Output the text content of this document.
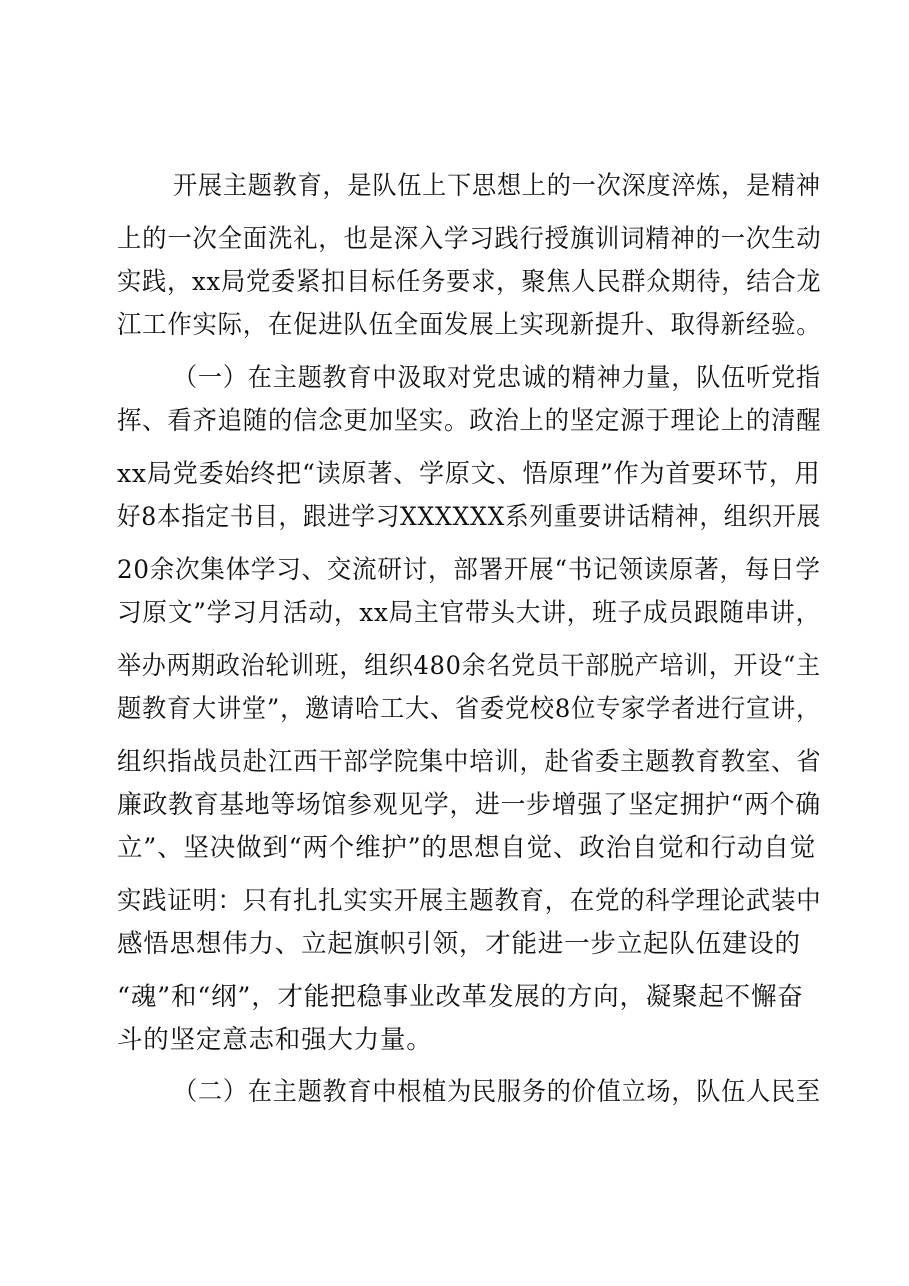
开展主题教育，是队伍上下思想上的一次深度淬炼，是精神
上的一次全面洗礼，也是深入学习践行授旗训词精神的一次生动
实践，xx局党委紧扣目标任务要求，聚焦人民群众期待，结合龙
江工作实际，在促进队伍全面发展上实现新提升、取得新经验。
（一）在主题教育中汲取对党忠诚的精神力量，队伍听党指
挥、看齐追随的信念更加坚实。政治上的坚定源于理论上的清醒
xx局党委始终把“读原著、学原文、悟原理”作为首要环节，用
好8本指定书目，跟进学习XXXXXX系列重要讲话精神，组织开展
20余次集体学习、交流研讨，部署开展“书记领读原著，每日学
习原文”学习月活动，xx局主官带头大讲，班子成员跟随串讲，
举办两期政治轮训班，组织480余名党员干部脱产培训，开设“主
题教育大讲堂”，邀请哈工大、省委党校8位专家学者进行宣讲，
组织指战员赴江西干部学院集中培训，赴省委主题教育教室、省
廉政教育基地等场馆参观见学，进一步增强了坚定拥护“两个确
立”、坚决做到“两个维护”的思想自觉、政治自觉和行动自觉
实践证明：只有扎扎实实开展主题教育，在党的科学理论武装中
感悟思想伟力、立起旗帜引领，才能进一步立起队伍建设的
“魂”和“纲”，才能把稳事业改革发展的方向，凝聚起不懈奋
斗的坚定意志和强大力量。
（二）在主题教育中根植为民服务的价值立场，队伍人民至
